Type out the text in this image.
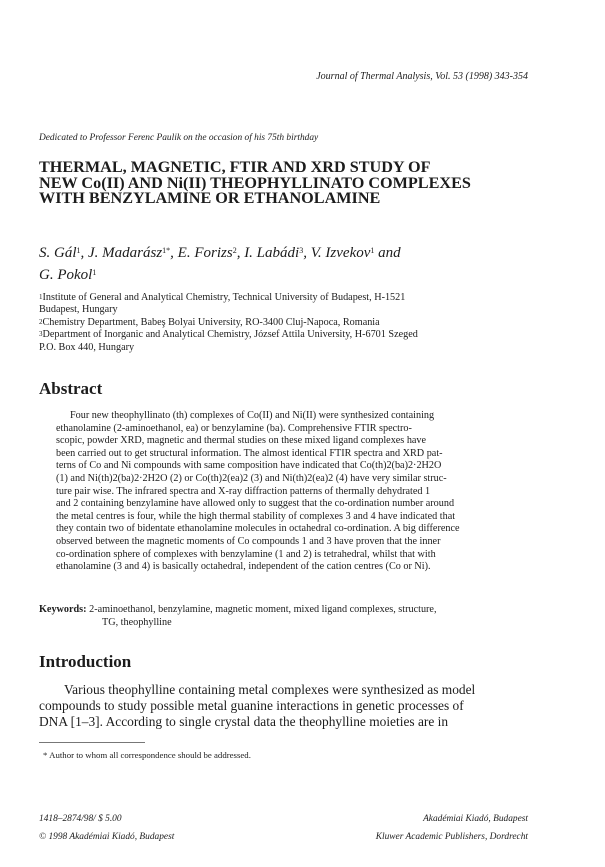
Journal of Thermal Analysis, Vol. 53 (1998) 343-354
Dedicated to Professor Ferenc Paulik on the occasion of his 75th birthday
THERMAL, MAGNETIC, FTIR AND XRD STUDY OF
NEW Co(II) AND Ni(II) THEOPHYLLINATO COMPLEXES
WITH BENZYLAMINE OR ETHANOLAMINE
S. Gál$^1$, J. Madarász$^{1*}$, E. Forizs$^2$, I. Labádi$^3$, V. Izvekov$^1$ and
G. Pokol$^1$
$^1$Institute of General and Analytical Chemistry, Technical University of Budapest, H-1521
Budapest, Hungary
$^2$Chemistry Department, Babeş Bolyai University, RO-3400 Cluj-Napoca, Romania
$^3$Department of Inorganic and Analytical Chemistry, József Attila University, H-6701 Szeged
P.O. Box 440, Hungary
Abstract
Four new theophyllinato (th) complexes of Co(II) and Ni(II) were synthesized containing
ethanolamine (2-aminoethanol, ea) or benzylamine (ba). Comprehensive FTIR spectro-
scopic, powder XRD, magnetic and thermal studies on these mixed ligand complexes have
been carried out to get structural information. The almost identical FTIR spectra and XRD pat-
terns of Co and Ni compounds with same composition have indicated that Co(th)2(ba)2·2H2O
(1) and Ni(th)2(ba)2·2H2O (2) or Co(th)2(ea)2 (3) and Ni(th)2(ea)2 (4) have very similar struc-
ture pair wise. The infrared spectra and X-ray diffraction patterns of thermally dehydrated 1
and 2 containing benzylamine have allowed only to suggest that the co-ordination number around
the metal centres is four, while the high thermal stability of complexes 3 and 4 have indicated that
they contain two of bidentate ethanolamine molecules in octahedral co-ordination. A big difference
observed between the magnetic moments of Co compounds 1 and 3 have proven that the inner
co-ordination sphere of complexes with benzylamine (1 and 2) is tetrahedral, whilst that with
ethanolamine (3 and 4) is basically octahedral, independent of the cation centres (Co or Ni).
Keywords: 2-aminoethanol, benzylamine, magnetic moment, mixed ligand complexes, structure,
TG, theophylline
Introduction
Various theophylline containing metal complexes were synthesized as model
compounds to study possible metal guanine interactions in genetic processes of
DNA [1–3]. According to single crystal data the theophylline moieties are in
* Author to whom all correspondence should be addressed.
1418–2874/98/ $ 5.00
© 1998 Akadémiai Kiadó, Budapest
Akadémiai Kiadó, Budapest
Kluwer Academic Publishers, Dordrecht
